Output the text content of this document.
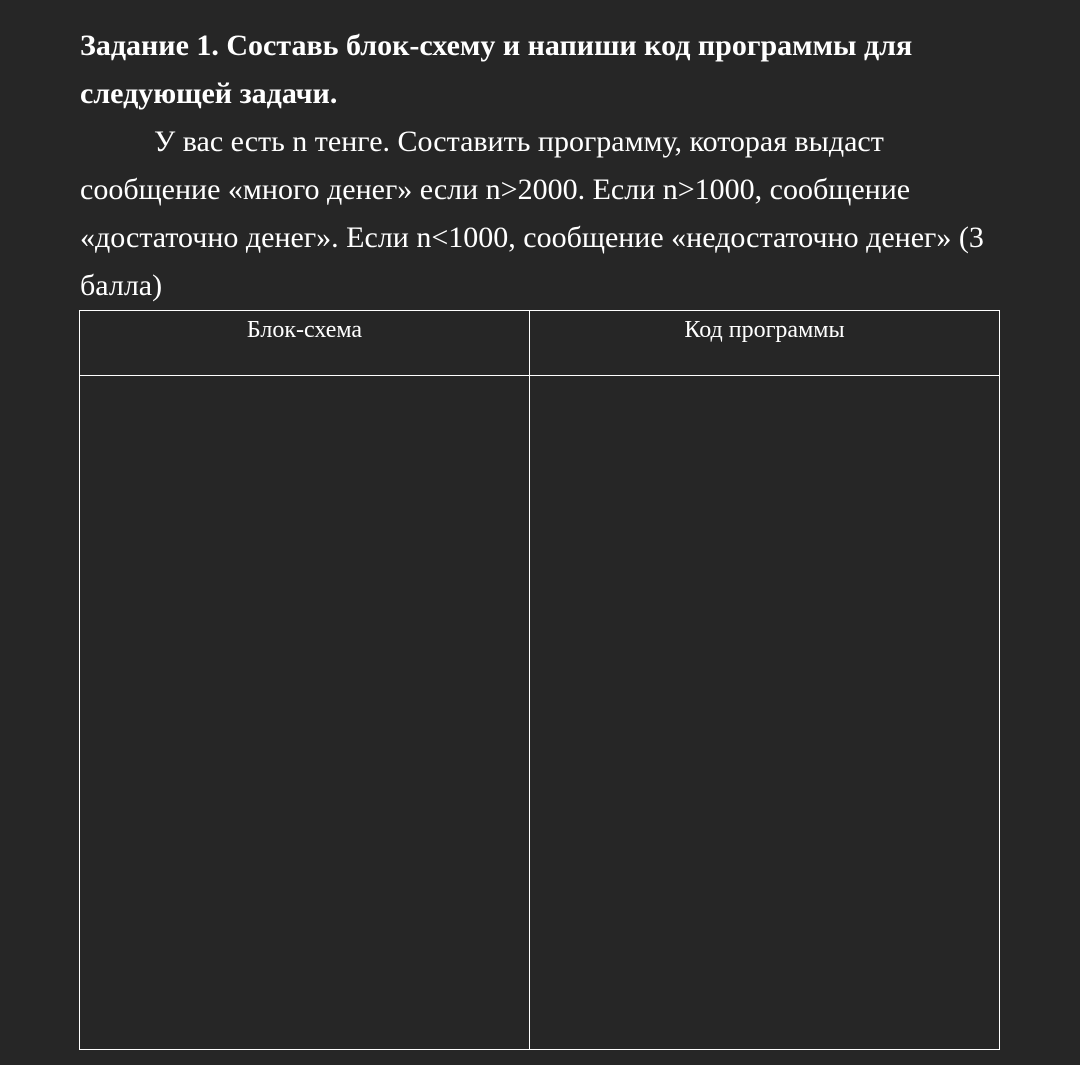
Задание 1. Составь блок-схему и напиши код программы для следующей задачи.

У вас есть n тенге. Составить программу, которая выдаст сообщение «много денег» если n>2000. Если n>1000, сообщение «достаточно денег». Если n<1000, сообщение «недостаточно денег» (3 балла)

Блок-схема	Код программы
